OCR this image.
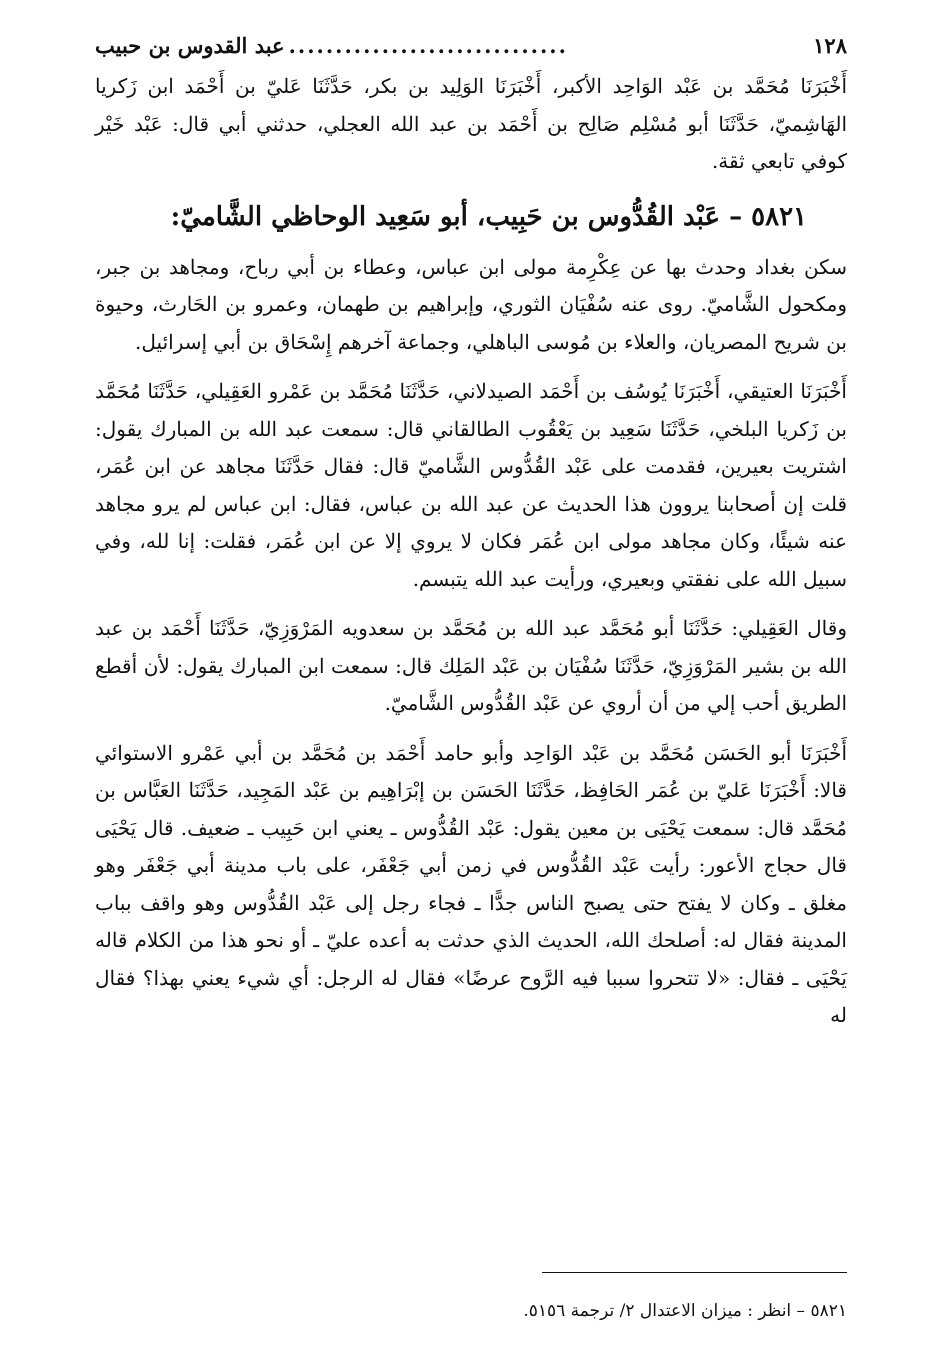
١٢٨
..............................
عبد القدوس بن حبيب

أَخْبَرَنَا مُحَمَّد بن عَبْد الوَاحِد الأكبر، أَخْبَرَنَا الوَلِيد بن بكر، حَدَّثَنَا عَليّ بن أَحْمَد ابن زَكريا الهَاشِميّ، حَدَّثَنَا أبو مُسْلِم صَالِح بن أَحْمَد بن عبد الله العجلي، حدثني أبي قال: عَبْد خَيْر كوفي تابعي ثقة.

٥٨٢١ – عَبْد القُدُّوس بن حَبِيب، أبو سَعِيد الوحاظي الشَّاميّ:

سكن بغداد وحدث بها عن عِكْرِمة مولى ابن عباس، وعطاء بن أبي رباح، ومجاهد بن جبر، ومكحول الشَّاميّ. روى عنه سُفْيَان الثوري، وإبراهيم بن طهمان، وعمرو بن الحَارث، وحيوة بن شريح المصريان، والعلاء بن مُوسى الباهلي، وجماعة آخرهم إِسْحَاق بن أبي إسرائيل.

أَخْبَرَنَا العتيقي، أَخْبَرَنَا يُوسُف بن أَحْمَد الصيدلاني، حَدَّثَنَا مُحَمَّد بن عَمْرو العَقِيلي، حَدَّثَنَا مُحَمَّد بن زَكريا البلخي، حَدَّثَنَا سَعِيد بن يَعْقُوب الطالقاني قال: سمعت عبد الله بن المبارك يقول: اشتريت بعيرين، فقدمت على عَبْد القُدُّوس الشَّاميّ قال: فقال حَدَّثَنَا مجاهد عن ابن عُمَر، قلت إن أصحابنا يروون هذا الحديث عن عبد الله بن عباس، فقال: ابن عباس لم يرو مجاهد عنه شيئًا، وكان مجاهد مولى ابن عُمَر فكان لا يروي إلا عن ابن عُمَر، فقلت: إنا لله، وفي سبيل الله على نفقتي وبعيري، ورأيت عبد الله يتبسم.

وقال العَقِيلي: حَدَّثَنَا أبو مُحَمَّد عبد الله بن مُحَمَّد بن سعدويه المَرْوَزِيّ، حَدَّثَنَا أَحْمَد بن عبد الله بن بشير المَرْوَزِيّ، حَدَّثَنَا سُفْيَان بن عَبْد المَلِك قال: سمعت ابن المبارك يقول: لأن أقطع الطريق أحب إلي من أن أروي عن عَبْد القُدُّوس الشَّاميّ.

أَخْبَرَنَا أبو الحَسَن مُحَمَّد بن عَبْد الوَاحِد وأبو حامد أَحْمَد بن مُحَمَّد بن أبي عَمْرو الاستوائي قالا: أَخْبَرَنَا عَليّ بن عُمَر الحَافِظ، حَدَّثَنَا الحَسَن بن إبْرَاهِيم بن عَبْد المَجِيد، حَدَّثَنَا العَبَّاس بن مُحَمَّد قال: سمعت يَحْيَى بن معين يقول: عَبْد القُدُّوس ـ يعني ابن حَبِيب ـ ضعيف. قال يَحْيَى قال حجاج الأعور: رأيت عَبْد القُدُّوس في زمن أبي جَعْفَر، على باب مدينة أبي جَعْفَر وهو مغلق ـ وكان لا يفتح حتى يصبح الناس جدًّا ـ فجاء رجل إلى عَبْد القُدُّوس وهو واقف بباب المدينة فقال له: أصلحك الله، الحديث الذي حدثت به أعده عليّ ـ أو نحو هذا من الكلام قاله يَحْيَى ـ فقال: «لا تتحروا سببا فيه الرَّوح عرضًا» فقال له الرجل: أي شيء يعني بهذا؟ فقال له

٥٨٢١ – انظر : ميزان الاعتدال ٢/ ترجمة ٥١٥٦.
